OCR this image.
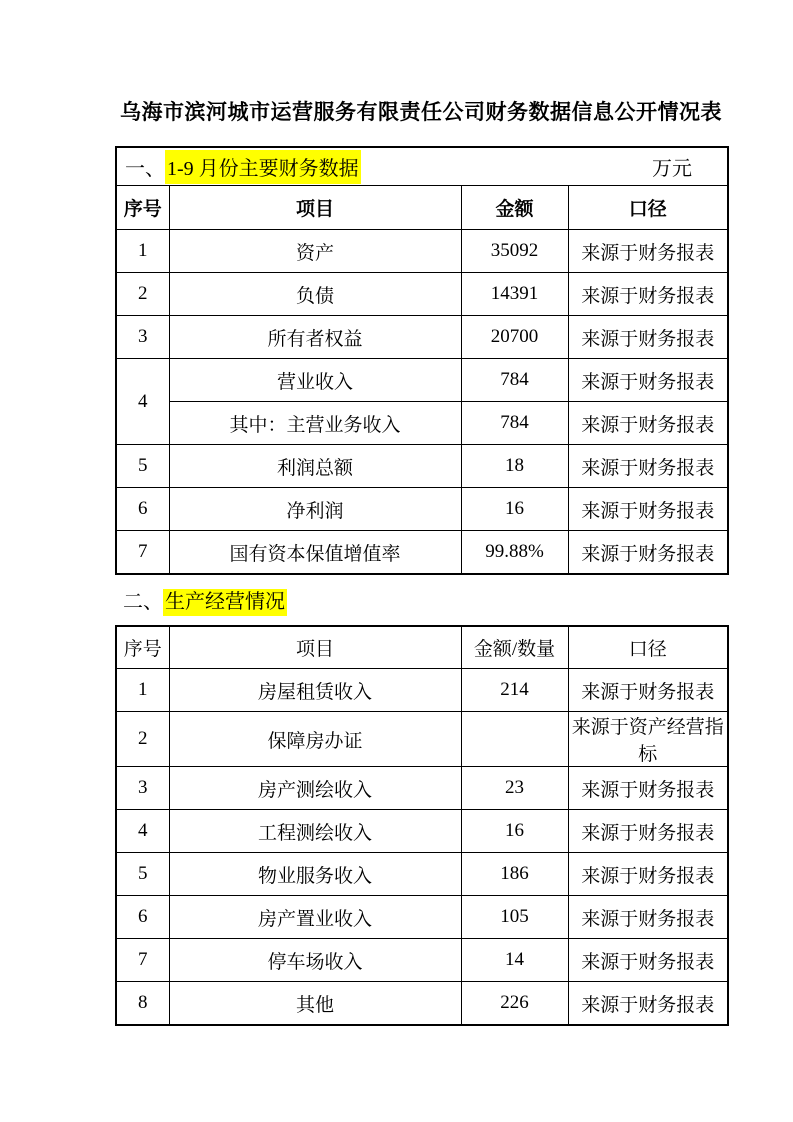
乌海市滨河城市运营服务有限责任公司财务数据信息公开情况表
一、 1-9 月份主要财务数据 万元			

序号	项目	金额	口径
1	资产	35092	来源于财务报表
2	负债	14391	来源于财务报表
3	所有者权益	20700	来源于财务报表
4	营业收入	784	来源于财务报表
	其中：主营业务收入	784	来源于财务报表
5	利润总额	18	来源于财务报表
6	净利润	16	来源于财务报表
7	国有资本保值增值率	99.88%	来源于财务报表
二、 生产经营情况
序号	项目	金额/数量	口径
1	房屋租赁收入	214	来源于财务报表
2	保障房办证		来源于资产经营指标
3	房产测绘收入	23	来源于财务报表
4	工程测绘收入	16	来源于财务报表
5	物业服务收入	186	来源于财务报表
6	房产置业收入	105	来源于财务报表
7	停车场收入	14	来源于财务报表
8	其他	226	来源于财务报表
